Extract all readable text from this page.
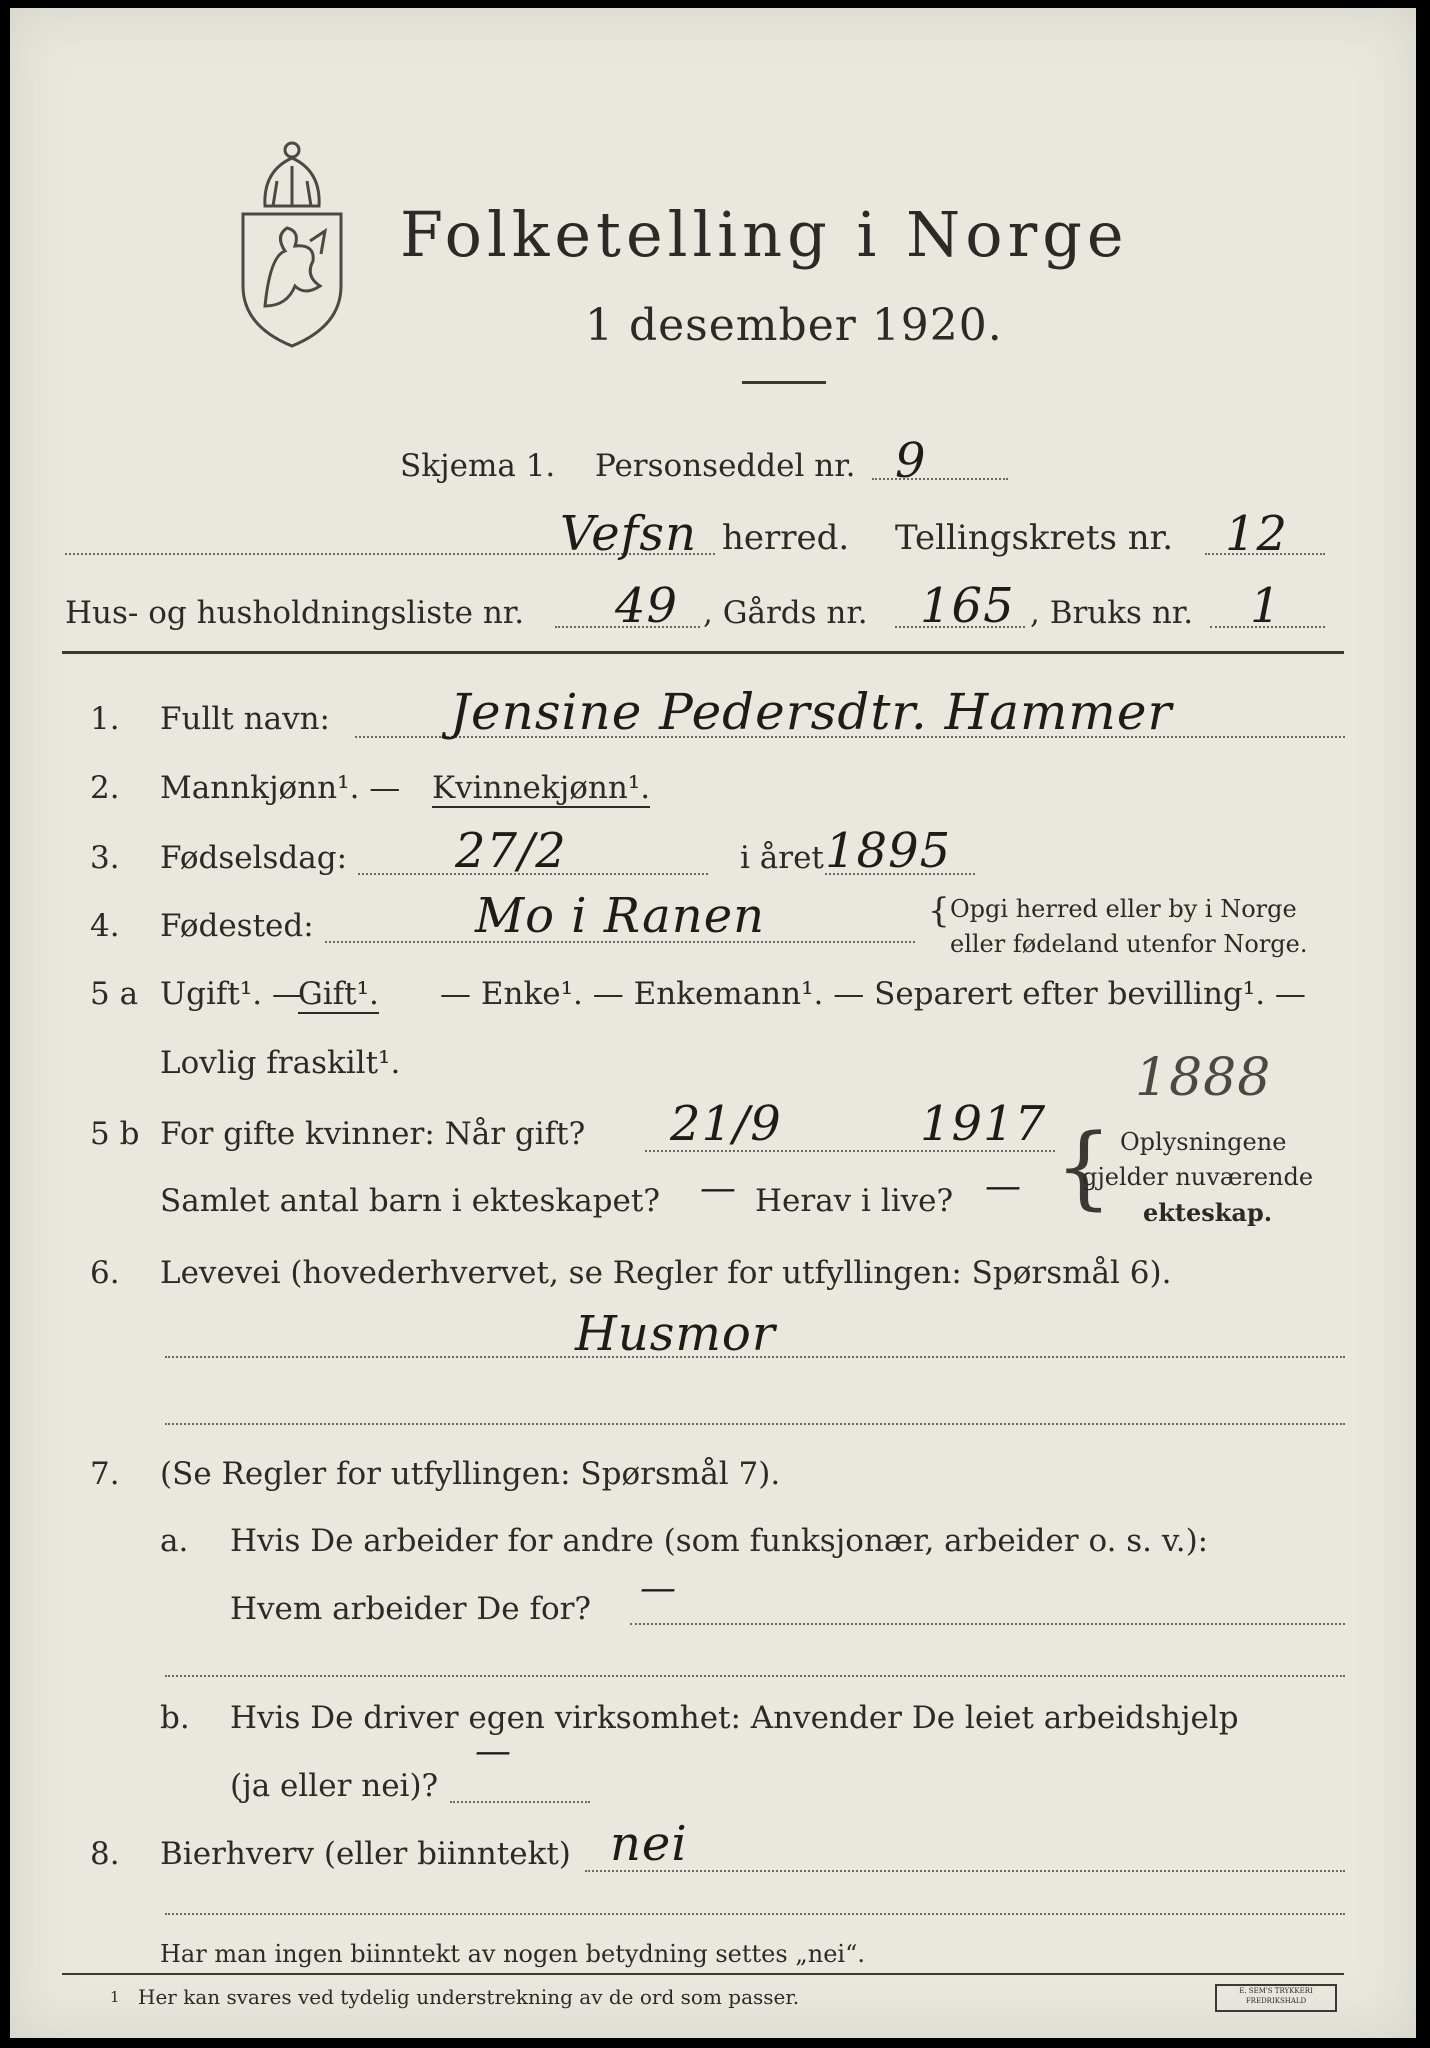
Folketelling i Norge
1 desember 1920.
Skjema 1. Personseddel nr. 9
Vefsn herred. Tellingskrets nr. 12
Hus- og husholdningsliste nr. 49 , Gårds nr. 165 , Bruks nr. 1
1. Fullt navn: Jensine Pedersdtr. Hammer
2. Mannkjønn¹. — Kvinnekjønn¹.
3. Fødselsdag: 27/2	i året 1895
4. Fødested:	Mo i Ranen	{ Opgi herred eller by i Norge
eller fødeland utenfor Norge.
5 a Ugift¹. —
Gift¹. — Enke¹. — Enkemann¹. — Separert efter bevilling¹. —
Lovlig fraskilt¹.
5 b For gifte kvinner: Når gift? 21/9	1917
1888
Samlet antal barn i ekteskapet? — Herav i live? — { Oplysningene
gjelder nuværende
ekteskap.
6. Levevei (hovederhvervet, se Regler for utfyllingen: Spørsmål 6).
Husmor
7. (Se Regler for utfyllingen: Spørsmål 7).
a. Hvis De arbeider for andre (som funksjonær, arbeider o. s. v.):
Hvem arbeider De for? —
b. Hvis De driver egen virksomhet: Anvender De leiet arbeidshjelp
(ja eller nei)?
—
8. Bierhverv (eller biinntekt) nei
Har man ingen biinntekt av nogen betydning settes „nei“.
1 Her kan svares ved tydelig understrekning av de ord som passer.	E. SEM'S TRYKKERI
FREDRIKSHALD
